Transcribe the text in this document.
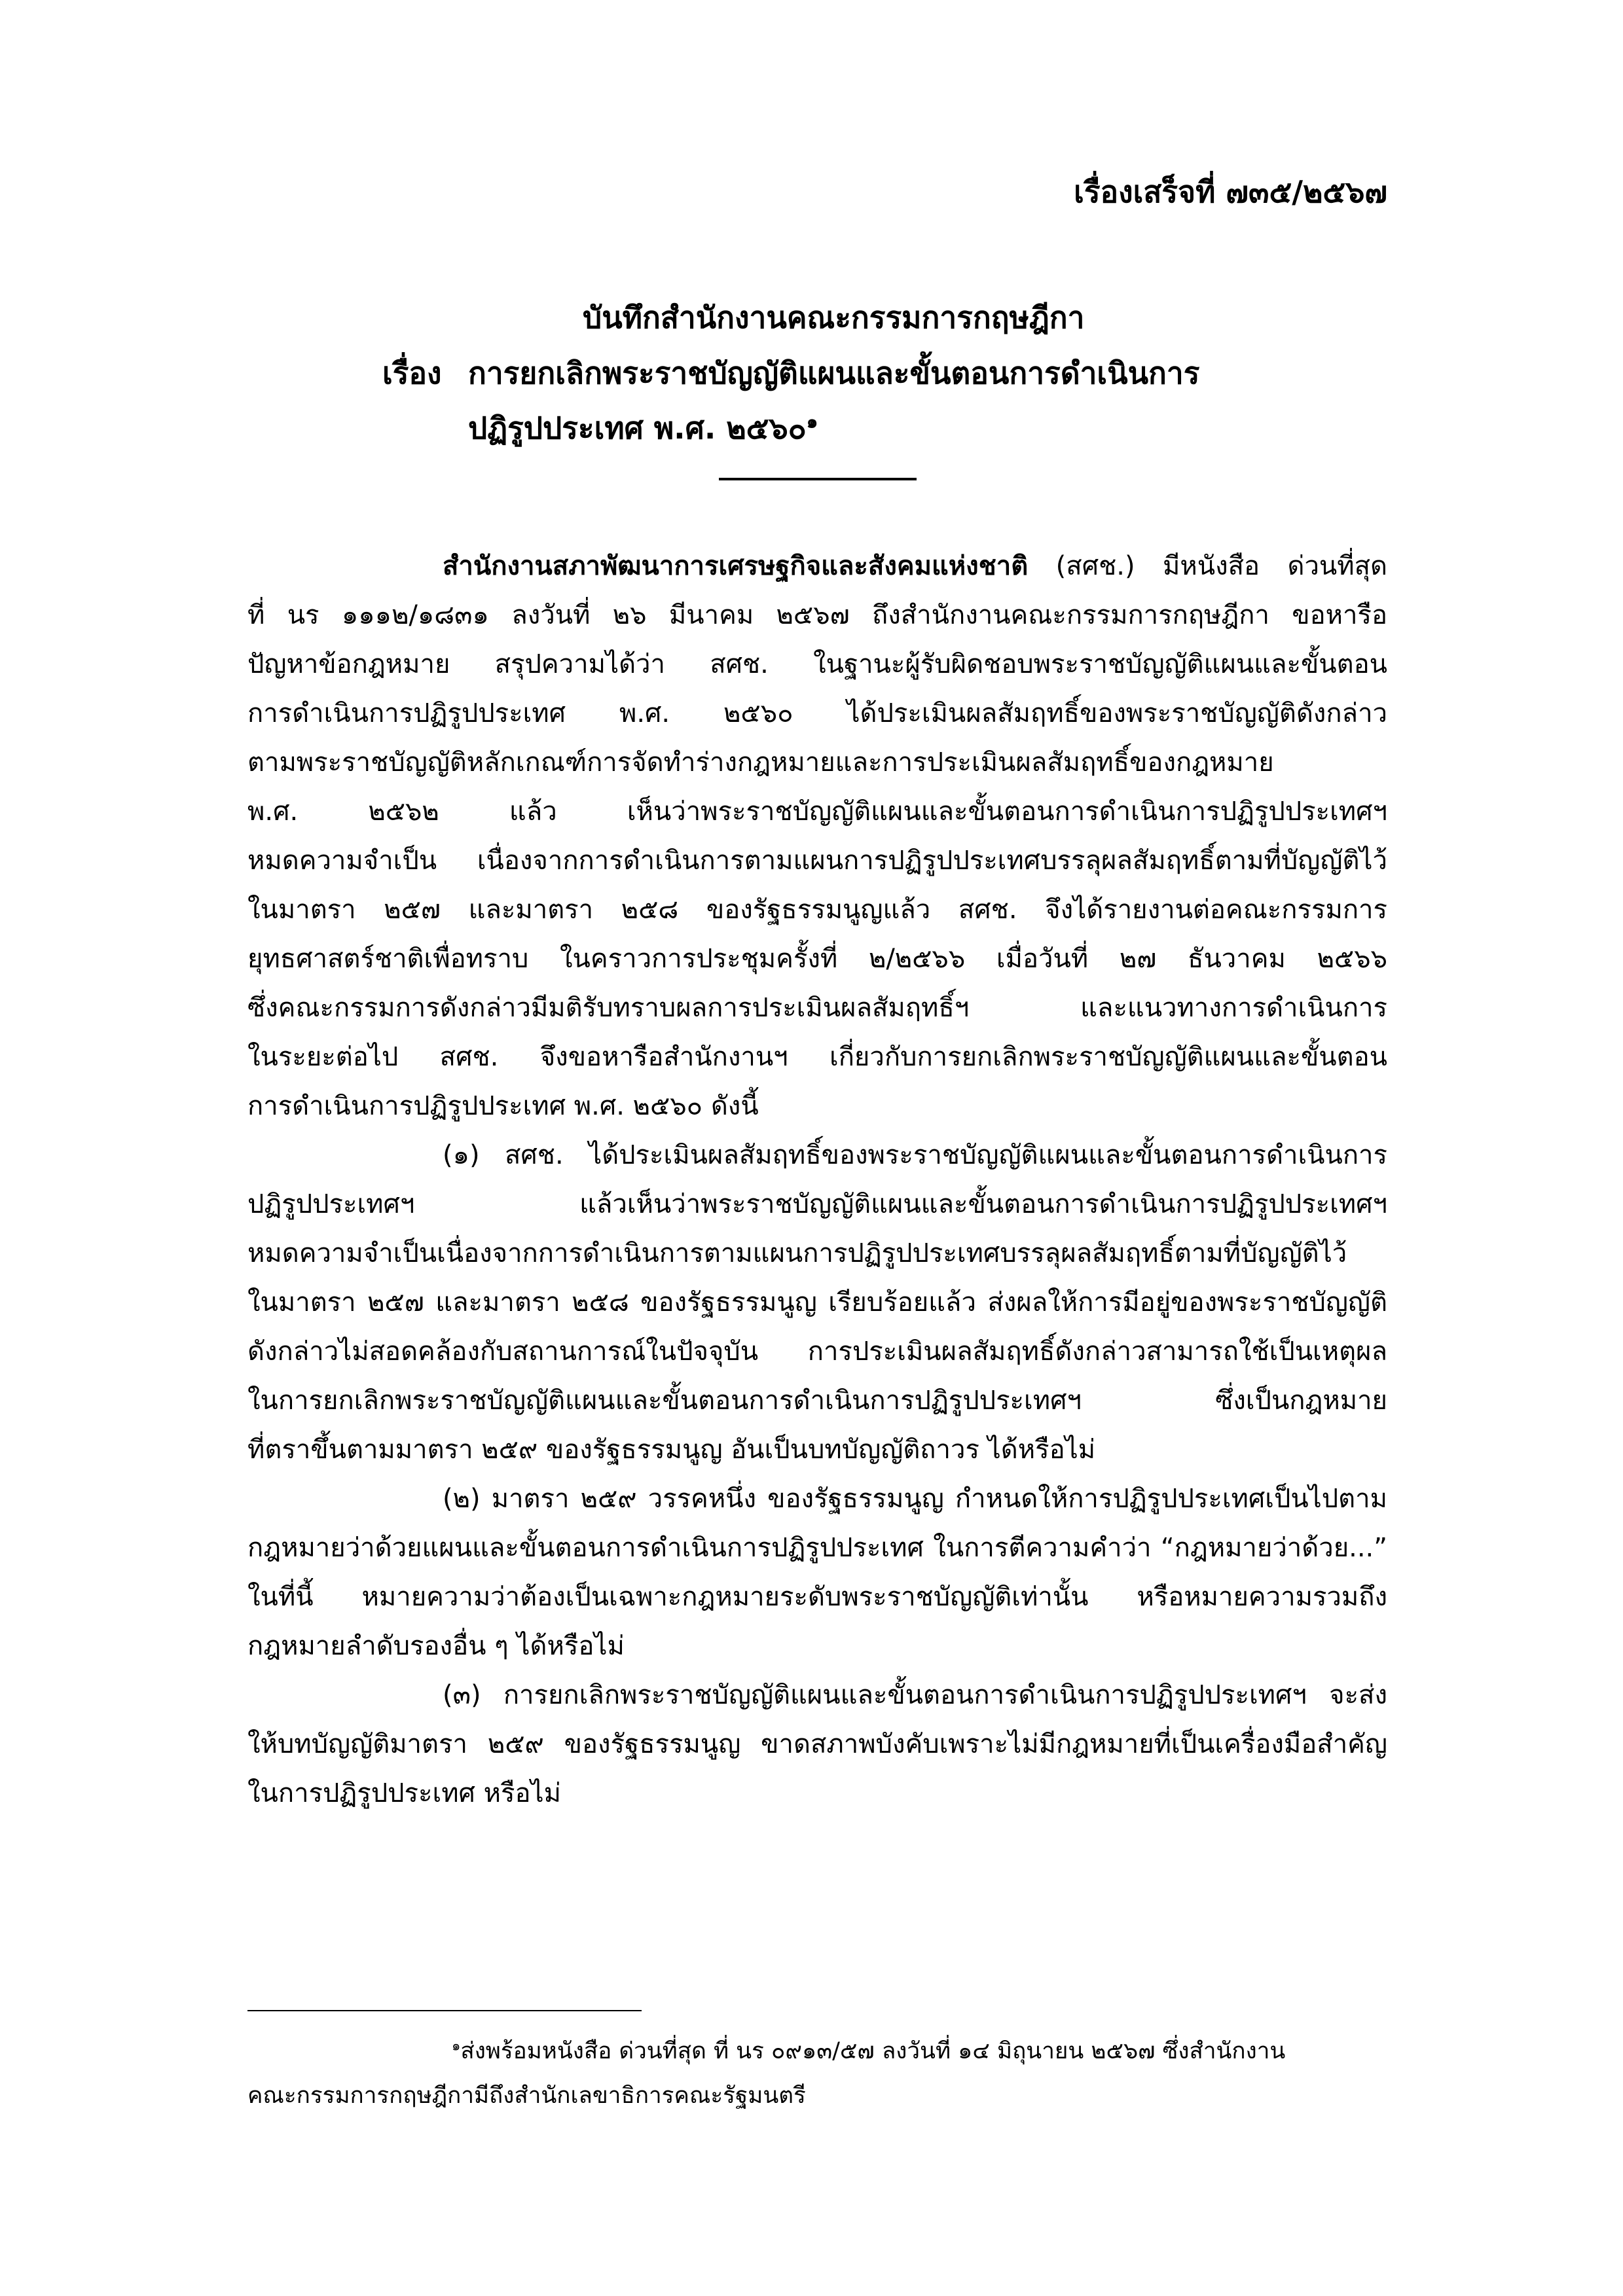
เรื่องเสร็จที่ ๗๓๕/๒๕๖๗
บันทึกสำนักงานคณะกรรมการกฤษฎีกา
เรื่อง การยกเลิกพระราชบัญญัติแผนและขั้นตอนการดำเนินการ
ปฏิรูปประเทศ พ.ศ. ๒๕๖๐$^๑$
สำนักงานสภาพัฒนาการเศรษฐกิจและสังคมแห่งชาติ (สศช.) มีหนังสือ ด่วนที่สุด
ที่ นร ๑๑๑๒/๑๘๓๑ ลงวันที่ ๒๖ มีนาคม ๒๕๖๗ ถึงสำนักงานคณะกรรมการกฤษฎีกา ขอหารือ
ปัญหาข้อกฎหมาย สรุปความได้ว่า สศช. ในฐานะผู้รับผิดชอบพระราชบัญญัติแผนและขั้นตอน
การดำเนินการปฏิรูปประเทศ พ.ศ. ๒๕๖๐ ได้ประเมินผลสัมฤทธิ์ของพระราชบัญญัติดังกล่าว
ตามพระราชบัญญัติหลักเกณฑ์การจัดทำร่างกฎหมายและการประเมินผลสัมฤทธิ์ของกฎหมาย
พ.ศ. ๒๕๖๒ แล้ว เห็นว่าพระราชบัญญัติแผนและขั้นตอนการดำเนินการปฏิรูปประเทศฯ
หมดความจำเป็น เนื่องจากการดำเนินการตามแผนการปฏิรูปประเทศบรรลุผลสัมฤทธิ์ตามที่บัญญัติไว้
ในมาตรา ๒๕๗ และมาตรา ๒๕๘ ของรัฐธรรมนูญแล้ว สศช. จึงได้รายงานต่อคณะกรรมการ
ยุทธศาสตร์ชาติเพื่อทราบ ในคราวการประชุมครั้งที่ ๒/๒๕๖๖ เมื่อวันที่ ๒๗ ธันวาคม ๒๕๖๖
ซึ่งคณะกรรมการดังกล่าวมีมติรับทราบผลการประเมินผลสัมฤทธิ์ฯ และแนวทางการดำเนินการ
ในระยะต่อไป สศช. จึงขอหารือสำนักงานฯ เกี่ยวกับการยกเลิกพระราชบัญญัติแผนและขั้นตอน
การดำเนินการปฏิรูปประเทศ พ.ศ. ๒๕๖๐ ดังนี้
(๑) สศช. ได้ประเมินผลสัมฤทธิ์ของพระราชบัญญัติแผนและขั้นตอนการดำเนินการ
ปฏิรูปประเทศฯ แล้วเห็นว่าพระราชบัญญัติแผนและขั้นตอนการดำเนินการปฏิรูปประเทศฯ
หมดความจำเป็นเนื่องจากการดำเนินการตามแผนการปฏิรูปประเทศบรรลุผลสัมฤทธิ์ตามที่บัญญัติไว้
ในมาตรา ๒๕๗ และมาตรา ๒๕๘ ของรัฐธรรมนูญ เรียบร้อยแล้ว ส่งผลให้การมีอยู่ของพระราชบัญญัติ
ดังกล่าวไม่สอดคล้องกับสถานการณ์ในปัจจุบัน การประเมินผลสัมฤทธิ์ดังกล่าวสามารถใช้เป็นเหตุผล
ในการยกเลิกพระราชบัญญัติแผนและขั้นตอนการดำเนินการปฏิรูปประเทศฯ ซึ่งเป็นกฎหมาย
ที่ตราขึ้นตามมาตรา ๒๕๙ ของรัฐธรรมนูญ อันเป็นบทบัญญัติถาวร ได้หรือไม่
(๒) มาตรา ๒๕๙ วรรคหนึ่ง ของรัฐธรรมนูญ กำหนดให้การปฏิรูปประเทศเป็นไปตาม
กฎหมายว่าด้วยแผนและขั้นตอนการดำเนินการปฏิรูปประเทศ ในการตีความคำว่า “กฎหมายว่าด้วย...”
ในที่นี้ หมายความว่าต้องเป็นเฉพาะกฎหมายระดับพระราชบัญญัติเท่านั้น หรือหมายความรวมถึง
กฎหมายลำดับรองอื่น ๆ ได้หรือไม่
(๓) การยกเลิกพระราชบัญญัติแผนและขั้นตอนการดำเนินการปฏิรูปประเทศฯ จะส่ง
ให้บทบัญญัติมาตรา ๒๕๙ ของรัฐธรรมนูญ ขาดสภาพบังคับเพราะไม่มีกฎหมายที่เป็นเครื่องมือสำคัญ
ในการปฏิรูปประเทศ หรือไม่
$^๑$ส่งพร้อมหนังสือ ด่วนที่สุด ที่ นร ๐๙๑๓/๕๗ ลงวันที่ ๑๔ มิถุนายน ๒๕๖๗ ซึ่งสำนักงาน
คณะกรรมการกฤษฎีกามีถึงสำนักเลขาธิการคณะรัฐมนตรี
